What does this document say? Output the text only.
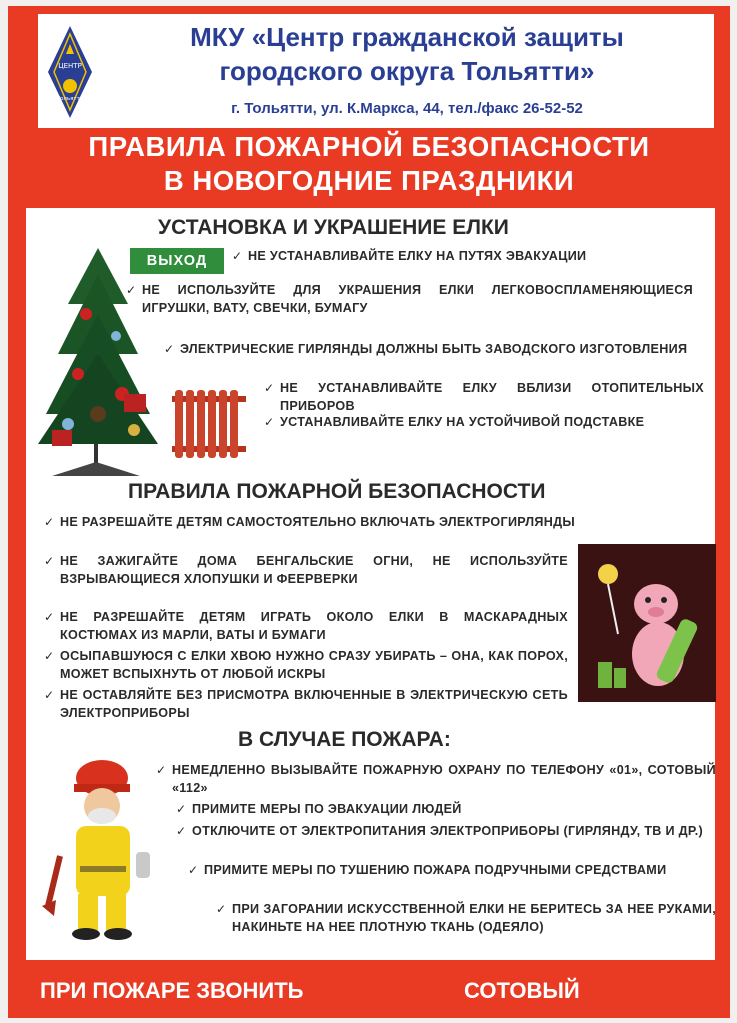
ЦЕНТР
Тольятти
МКУ «Центр гражданской защиты
городского округа Тольятти»
г. Тольятти, ул. К.Маркса, 44, тел./факс 26-52-52
ПРАВИЛА ПОЖАРНОЙ БЕЗОПАСНОСТИ
В НОВОГОДНИЕ ПРАЗДНИКИ
УСТАНОВКА И УКРАШЕНИЕ ЕЛКИ
ВЫХОД	✓ НЕ УСТАНАВЛИВАЙТЕ ЕЛКУ НА ПУТЯХ ЭВАКУАЦИИ
✓ НЕ ИСПОЛЬЗУЙТЕ ДЛЯ УКРАШЕНИЯ ЕЛКИ ЛЕГКОВОСПЛАМЕНЯЮЩИЕСЯ ИГРУШКИ, ВАТУ, СВЕЧКИ, БУМАГУ
✓ ЭЛЕКТРИЧЕСКИЕ ГИРЛЯНДЫ ДОЛЖНЫ БЫТЬ ЗАВОДСКОГО ИЗГОТОВЛЕНИЯ
✓ НЕ УСТАНАВЛИВАЙТЕ ЕЛКУ ВБЛИЗИ ОТОПИТЕЛЬНЫХ ПРИБОРОВ
✓ УСТАНАВЛИВАЙТЕ ЕЛКУ НА УСТОЙЧИВОЙ ПОДСТАВКЕ
ПРАВИЛА ПОЖАРНОЙ БЕЗОПАСНОСТИ
✓ НЕ РАЗРЕШАЙТЕ ДЕТЯМ САМОСТОЯТЕЛЬНО ВКЛЮЧАТЬ ЭЛЕКТРОГИРЛЯНДЫ
✓ НЕ ЗАЖИГАЙТЕ ДОМА БЕНГАЛЬСКИЕ ОГНИ, НЕ ИСПОЛЬЗУЙТЕ ВЗРЫВАЮЩИЕСЯ ХЛОПУШКИ И ФЕЕРВЕРКИ
✓ НЕ РАЗРЕШАЙТЕ ДЕТЯМ ИГРАТЬ ОКОЛО ЕЛКИ В МАСКАРАДНЫХ КОСТЮМАХ ИЗ МАРЛИ, ВАТЫ И БУМАГИ
✓ ОСЫПАВШУЮСЯ С ЕЛКИ ХВОЮ НУЖНО СРАЗУ УБИРАТЬ – ОНА, КАК ПОРОХ, МОЖЕТ ВСПЫХНУТЬ ОТ ЛЮБОЙ ИСКРЫ
✓ НЕ ОСТАВЛЯЙТЕ БЕЗ ПРИСМОТРА ВКЛЮЧЕННЫЕ В ЭЛЕКТРИЧЕСКУЮ СЕТЬ ЭЛЕКТРОПРИБОРЫ
В СЛУЧАЕ ПОЖАРА:
✓ НЕМЕДЛЕННО ВЫЗЫВАЙТЕ ПОЖАРНУЮ ОХРАНУ ПО ТЕЛЕФОНУ «01», СОТОВЫЙ «112»
✓ ПРИМИТЕ МЕРЫ ПО ЭВАКУАЦИИ ЛЮДЕЙ
✓ ОТКЛЮЧИТЕ ОТ ЭЛЕКТРОПИТАНИЯ ЭЛЕКТРОПРИБОРЫ (ГИРЛЯНДУ, ТВ И ДР.)
✓ ПРИМИТЕ МЕРЫ ПО ТУШЕНИЮ ПОЖАРА ПОДРУЧНЫМИ СРЕДСТВАМИ
✓ ПРИ ЗАГОРАНИИ ИСКУССТВЕННОЙ ЕЛКИ НЕ БЕРИТЕСЬ ЗА НЕЕ РУКАМИ, НАКИНЬТЕ НА НЕЕ ПЛОТНУЮ ТКАНЬ (ОДЕЯЛО)
ПРИ ПОЖАРЕ ЗВОНИТЬ 01 СОТОВЫЙ 112
